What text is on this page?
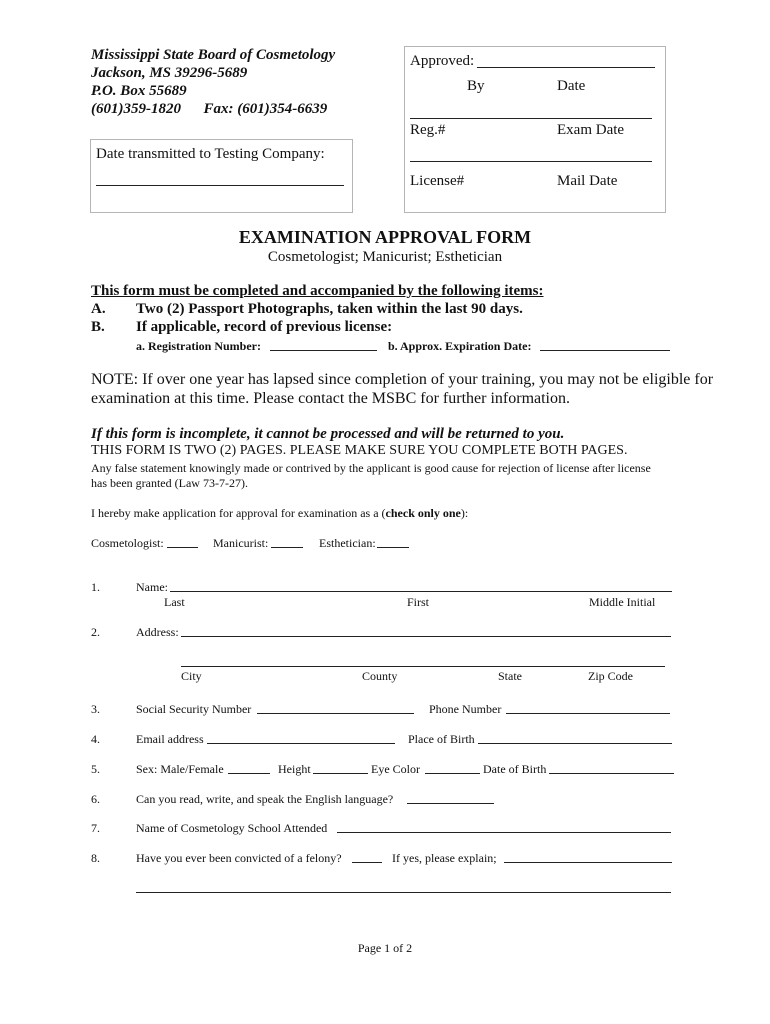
Mississippi State Board of Cosmetology
Jackson, MS 39296-5689
P.O. Box 55689
(601)359-1820      Fax: (601)354-6639
Date transmitted to Testing Company:
Approved:
By	Date
Reg.#	Exam Date
License#	Mail Date
EXAMINATION APPROVAL FORM
Cosmetologist; Manicurist; Esthetician
This form must be completed and accompanied by the following items:
A. Two (2) Passport Photographs, taken within the last 90 days.
B. If applicable, record of previous license:
a. Registration Number:	b. Approx. Expiration Date:
NOTE: If over one year has lapsed since completion of your training, you may not be eligible for
examination at this time. Please contact the MSBC for further information.
If this form is incomplete, it cannot be processed and will be returned to you.
THIS FORM IS TWO (2) PAGES. PLEASE MAKE SURE YOU COMPLETE BOTH PAGES.
Any false statement knowingly made or contrived by the applicant is good cause for rejection of license after license
has been granted (Law 73-7-27).
I hereby make application for approval for examination as a (check only one):
Cosmetologist:	Manicurist:	Esthetician:
1.	Name:
Last	First	Middle Initial
2.	Address:
City	County	State	Zip Code
3.	Social Security Number	Phone Number
4.	Email address	Place of Birth
5.	Sex: Male/Female	Height	Eye Color	Date of Birth
6.	Can you read, write, and speak the English language?
7.	Name of Cosmetology School Attended
8.	Have you ever been convicted of a felony?	If yes, please explain;
Page 1 of 2
